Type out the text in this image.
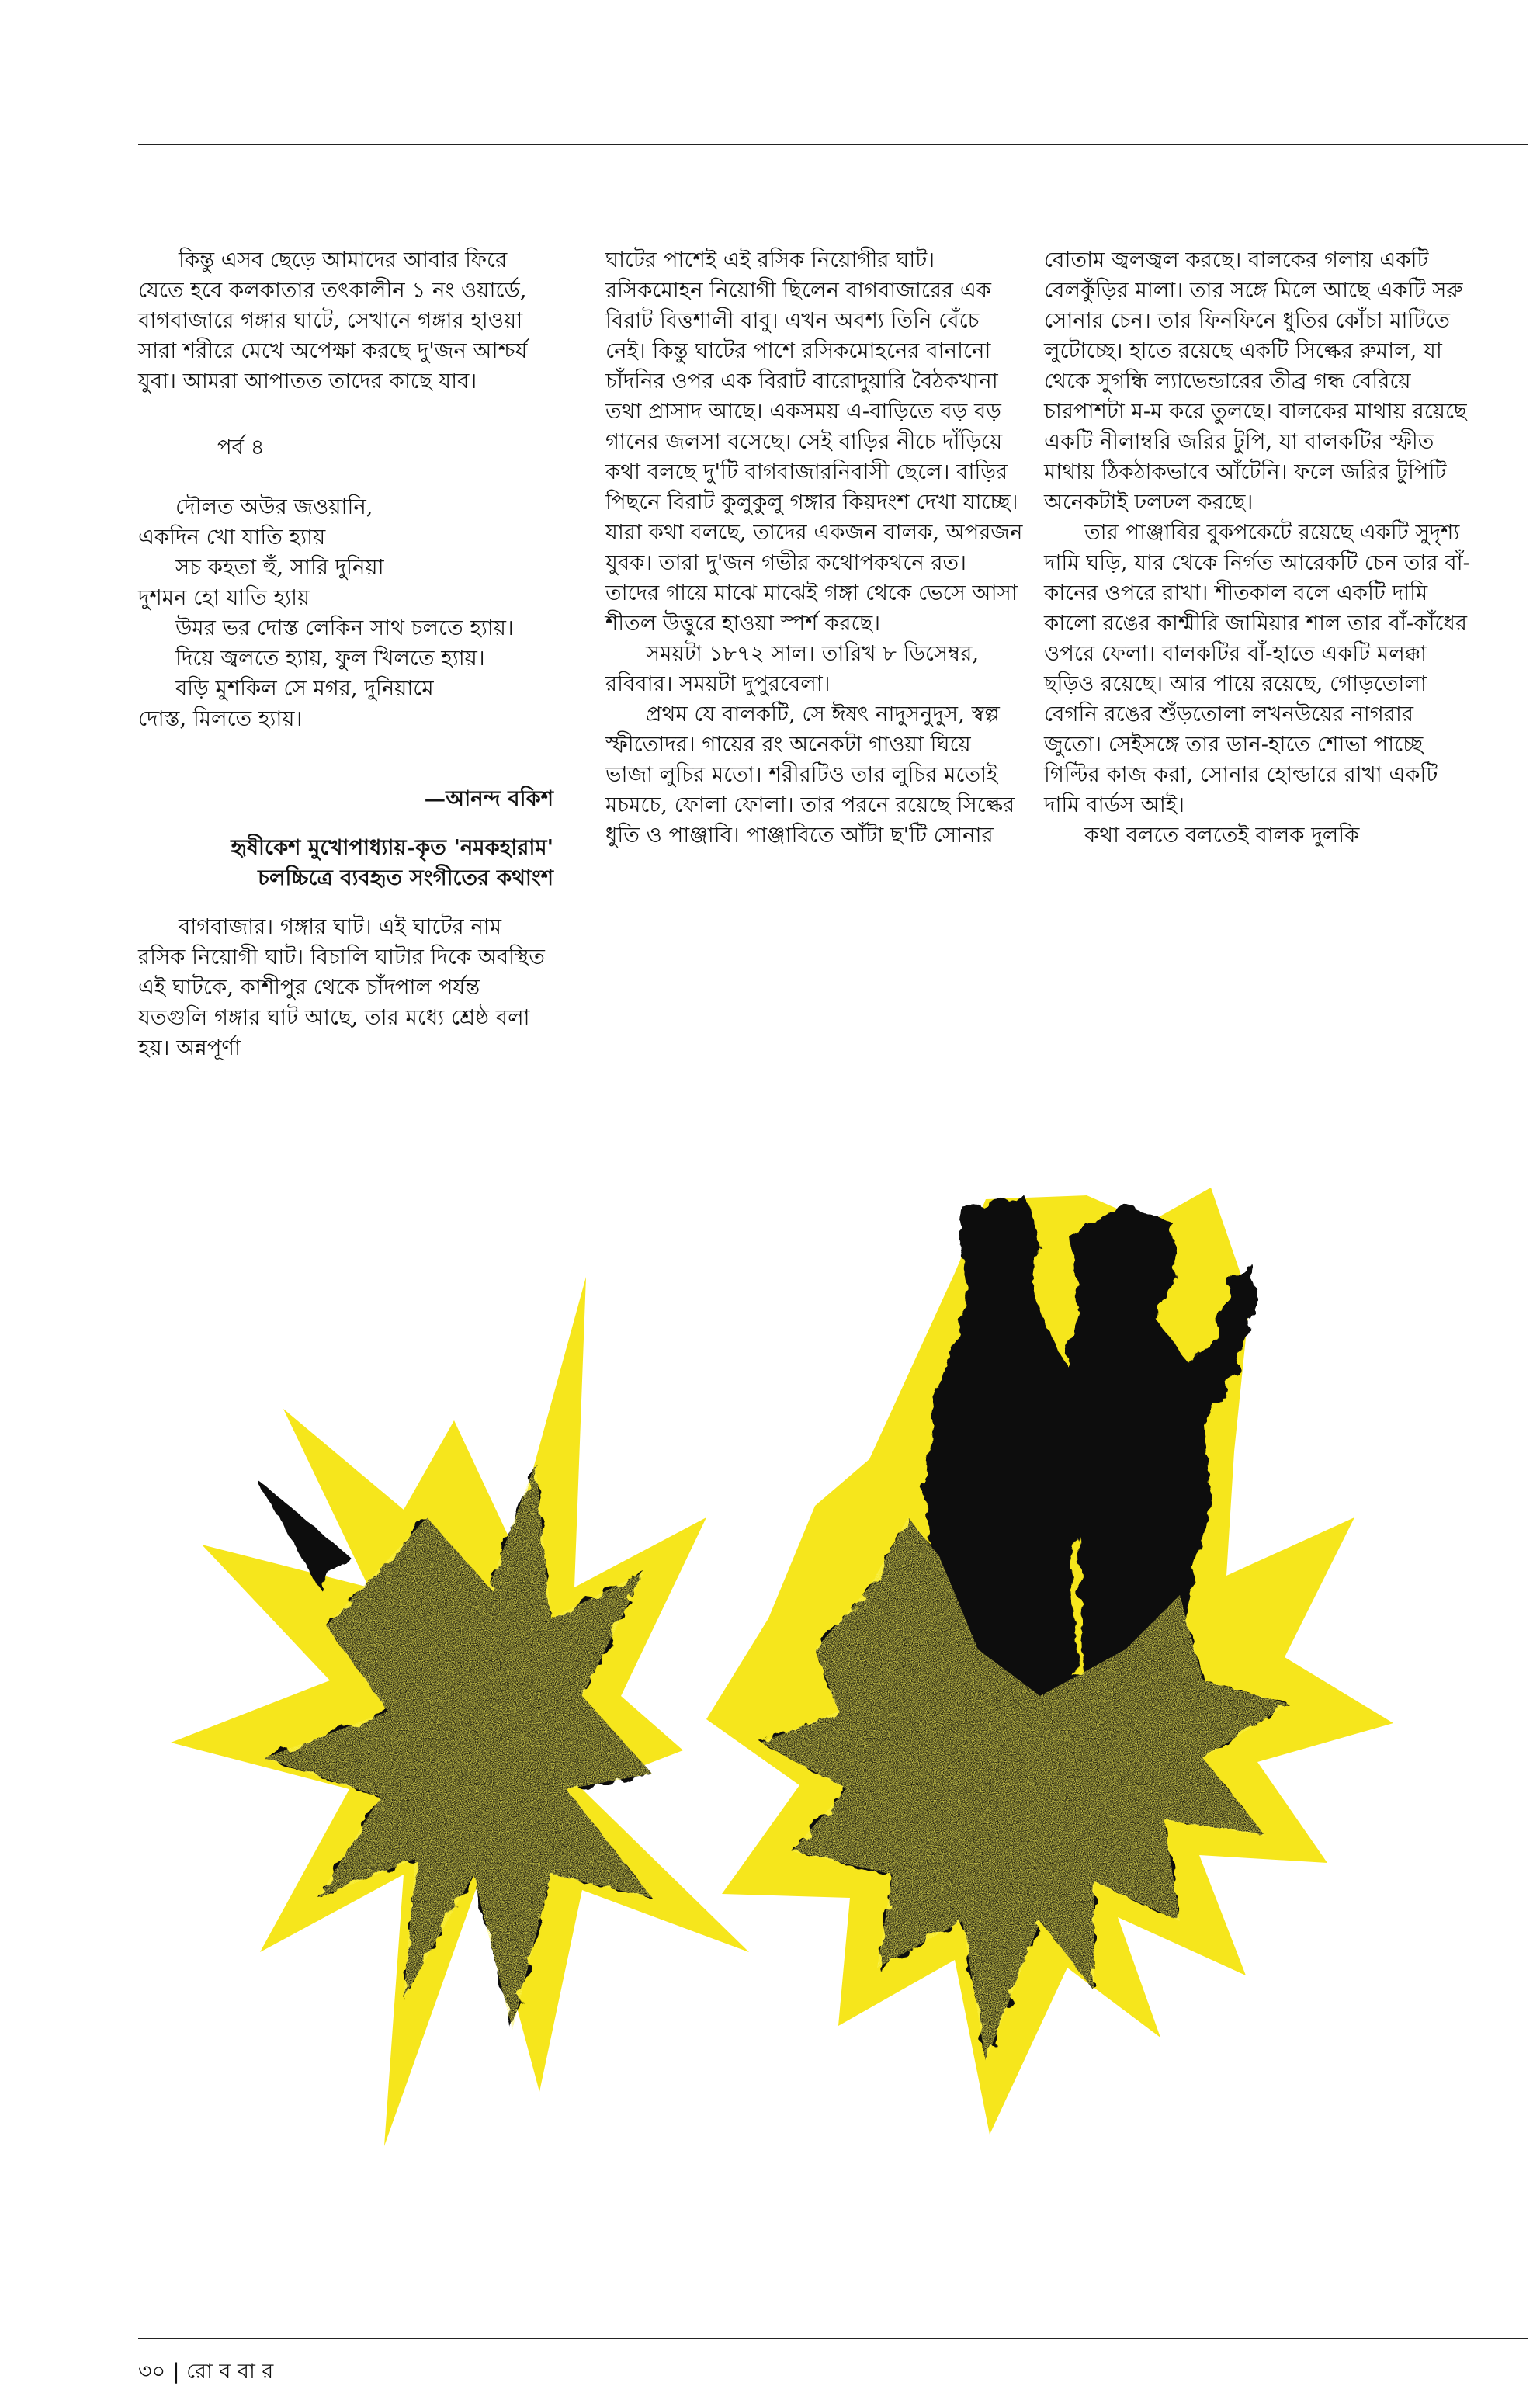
কিন্তু এসব ছেড়ে আমাদের আবার ফিরে যেতে হবে কলকাতার তৎকালীন ১ নং ওয়ার্ডে, বাগবাজারে গঙ্গার ঘাটে, সেখানে গঙ্গার হাওয়া সারা শরীরে মেখে অপেক্ষা করছে দু'জন আশ্চর্য যুবা। আমরা আপাতত তাদের কাছে যাব।

পর্ব ৪

দৌলত অউর জওয়ানি,

একদিন খো যাতি হ্যায়

সচ কহতা হুঁ, সারি দুনিয়া

দুশমন হো যাতি হ্যায়

উমর ভর দোস্ত লেকিন সাথ চলতে হ্যায়।

দিয়ে জ্বলতে হ্যায়, ফুল খিলতে হ্যায়।

বড়ি মুশকিল সে মগর, দুনিয়ামে

দোস্ত, মিলতে হ্যায়।

—আনন্দ বকিশ

হৃষীকেশ মুখোপাধ্যায়-কৃত 'নমকহারাম'

চলচ্চিত্রে ব্যবহৃত সংগীতের কথাংশ

বাগবাজার। গঙ্গার ঘাট। এই ঘাটের নাম রসিক নিয়োগী ঘাট। বিচালি ঘাটার দিকে অবস্থিত এই ঘাটকে, কাশীপুর থেকে চাঁদপাল পর্যন্ত যতগুলি গঙ্গার ঘাট আছে, তার মধ্যে শ্রেষ্ঠ বলা হয়। অন্নপূর্ণা

ঘাটের পাশেই এই রসিক নিয়োগীর ঘাট। রসিকমোহন নিয়োগী ছিলেন বাগবাজারের এক বিরাট বিত্তশালী বাবু। এখন অবশ্য তিনি বেঁচে নেই। কিন্তু ঘাটের পাশে রসিকমোহনের বানানো চাঁদনির ওপর এক বিরাট বারোদুয়ারি বৈঠকখানা তথা প্রাসাদ আছে। একসময় এ-বাড়িতে বড় বড় গানের জলসা বসেছে। সেই বাড়ির নীচে দাঁড়িয়ে কথা বলছে দু'টি বাগবাজারনিবাসী ছেলে। বাড়ির পিছনে বিরাট কুলুকুলু গঙ্গার কিয়দংশ দেখা যাচ্ছে। যারা কথা বলছে, তাদের একজন বালক, অপরজন যুবক। তারা দু'জন গভীর কথোপকথনে রত। তাদের গায়ে মাঝে মাঝেই গঙ্গা থেকে ভেসে আসা শীতল উত্তুরে হাওয়া স্পর্শ করছে।

সময়টা ১৮৭২ সাল। তারিখ ৮ ডিসেম্বর, রবিবার। সময়টা দুপুরবেলা।

প্রথম যে বালকটি, সে ঈষৎ নাদুসনুদুস, স্বল্প স্ফীতোদর। গায়ের রং অনেকটা গাওয়া ঘিয়ে ভাজা লুচির মতো। শরীরটিও তার লুচির মতোই মচমচে, ফোলা ফোলা। তার পরনে রয়েছে সিল্কের ধুতি ও পাঞ্জাবি। পাঞ্জাবিতে আঁটা ছ'টি সোনার

বোতাম জ্বলজ্বল করছে। বালকের গলায় একটি বেলকুঁড়ির মালা। তার সঙ্গে মিলে আছে একটি সরু সোনার চেন। তার ফিনফিনে ধুতির কোঁচা মাটিতে লুটোচ্ছে। হাতে রয়েছে একটি সিল্কের রুমাল, যা থেকে সুগন্ধি ল্যাভেন্ডারের তীব্র গন্ধ বেরিয়ে চারপাশটা ম-ম করে তুলছে। বালকের মাথায় রয়েছে একটি নীলাম্বরি জরির টুপি, যা বালকটির স্ফীত মাথায় ঠিকঠাকভাবে আঁটেনি। ফলে জরির টুপিটি অনেকটাই ঢলঢল করছে।

তার পাঞ্জাবির বুকপকেটে রয়েছে একটি সুদৃশ্য দামি ঘড়ি, যার থেকে নির্গত আরেকটি চেন তার বাঁ-কানের ওপরে রাখা। শীতকাল বলে একটি দামি কালো রঙের কাশ্মীরি জামিয়ার শাল তার বাঁ-কাঁধের ওপরে ফেলা। বালকটির বাঁ-হাতে একটি মলক্কা ছড়িও রয়েছে। আর পায়ে রয়েছে, গোড়তোলা বেগনি রঙের শুঁড়তোলা লখনউয়ের নাগরার জুতো। সেইসঙ্গে তার ডান-হাতে শোভা পাচ্ছে গিল্টির কাজ করা, সোনার হোল্ডারে রাখা একটি দামি বার্ডস আই।

কথা বলতে বলতেই বালক দুলকি

৩০ | রো ব বা র
